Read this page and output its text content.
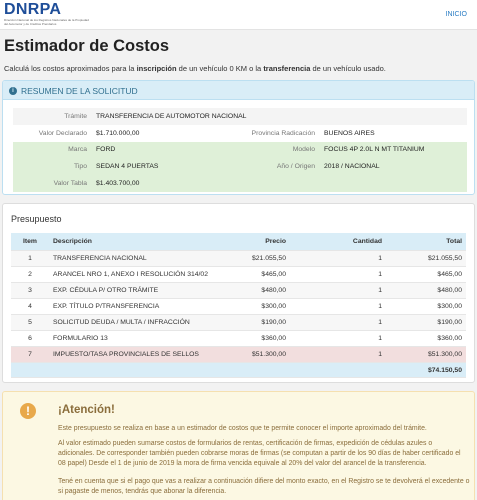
DNRPA
Dirección Nacional de los Registros Nacionales de la Propiedad del Automotor y de Créditos Prendarios
INICIO
Estimador de Costos

Calculá los costos aproximados para la inscripción de un vehículo 0 KM o la transferencia de un vehículo usado.

i RESUMEN DE LA SOLICITUD
Trámite	TRANSFERENCIA DE AUTOMOTOR NACIONAL		
Valor Declarado	$1.710.000,00	Provincia Radicación	BUENOS AIRES
Marca	FORD	Modelo	FOCUS 4P 2.0L N MT TITANIUM
Tipo	SEDAN 4 PUERTAS	Año / Origen	2018 / NACIONAL
Valor Tabla	$1.403.700,00		
Presupuesto
Item	Descripción	Precio	Cantidad	Total
1	TRANSFERENCIA NACIONAL	$21.055,50	1	$21.055,50
2	ARANCEL NRO 1, ANEXO I RESOLUCIÓN 314/02	$465,00	1	$465,00
3	EXP. CÉDULA P/ OTRO TRÁMITE	$480,00	1	$480,00
4	EXP. TÍTULO P/TRANSFERENCIA	$300,00	1	$300,00
5	SOLICITUD DEUDA / MULTA / INFRACCIÓN	$190,00	1	$190,00
6	FORMULARIO 13	$360,00	1	$360,00
7	IMPUESTO/TASA PROVINCIALES DE SELLOS	$51.300,00	1	$51.300,00
				$74.150,50
!	¡Atención!

Este presupuesto se realiza en base a un estimador de costos que te permite conocer el importe aproximado del trámite.

Al valor estimado pueden sumarse costos de formularios de rentas, certificación de firmas, expedición de cédulas azules o adicionales. De corresponder también pueden cobrarse moras de firmas (se computan a partir de los 90 días de haber certificado el 08 papel) Desde el 1 de junio de 2019 la mora de firma vencida equivale al 20% del valor del arancel de la transferencia.

Tené en cuenta que si el pago que vas a realizar a continuación difiere del monto exacto, en el Registro se te devolverá el excedente o si pagaste de menos, tendrás que abonar la diferencia.
